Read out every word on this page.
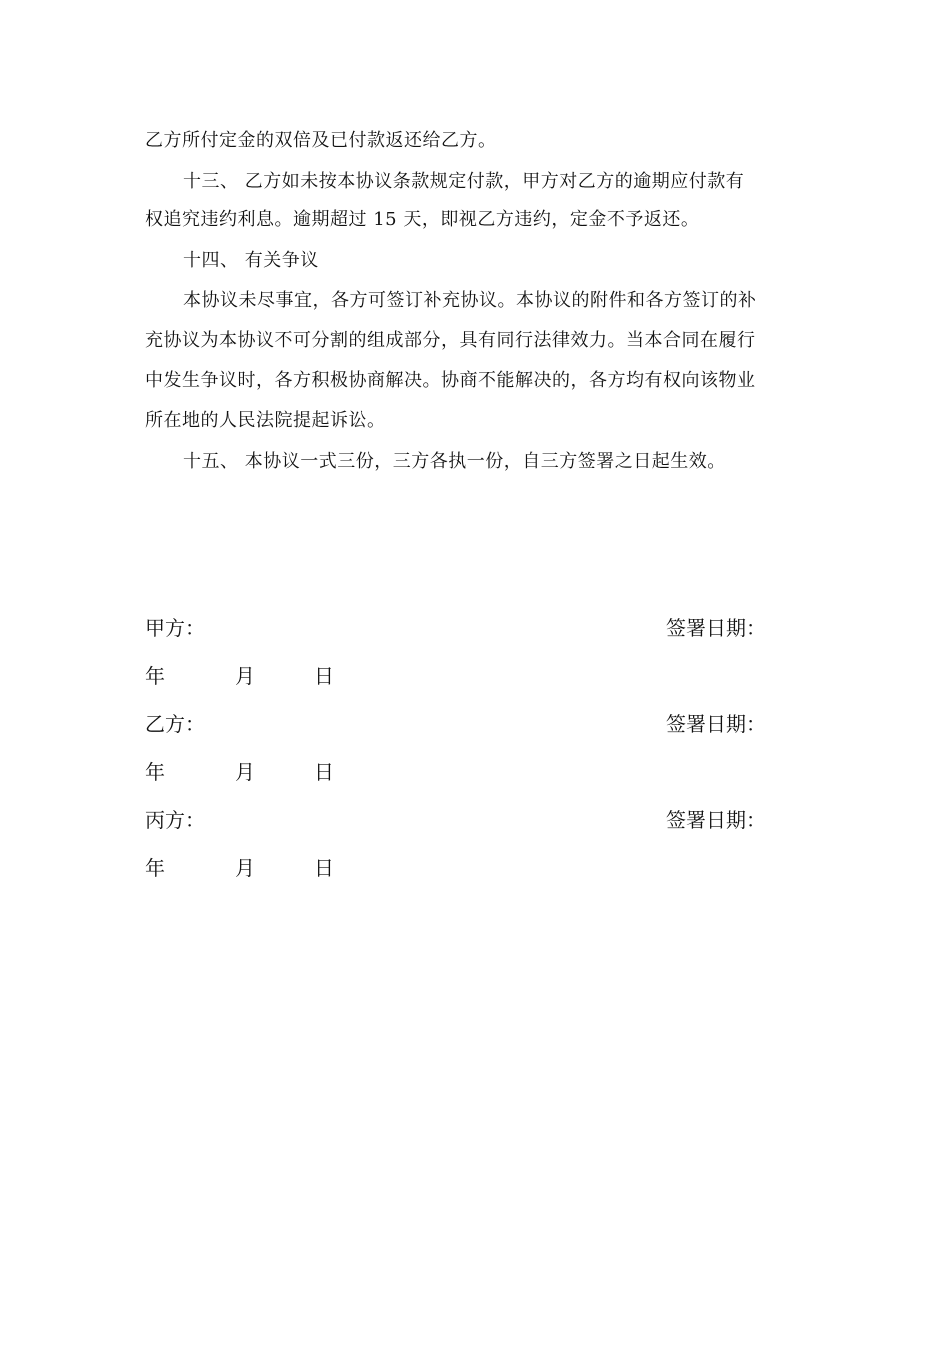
乙方所付定金的双倍及已付款返还给乙方。
十三、 乙方如未按本协议条款规定付款，甲方对乙方的逾期应付款有
权追究违约利息。逾期超过 15 天，即视乙方违约，定金不予返还。
十四、 有关争议
本协议未尽事宜，各方可签订补充协议。本协议的附件和各方签订的补
充协议为本协议不可分割的组成部分，具有同行法律效力。当本合同在履行
中发生争议时，各方积极协商解决。协商不能解决的，各方均有权向该物业
所在地的人民法院提起诉讼。
十五、 本协议一式三份，三方各执一份，自三方签署之日起生效。
甲方：	签署日期：
年	月	日
乙方：	签署日期：
年	月	日
丙方：	签署日期：
年	月	日
